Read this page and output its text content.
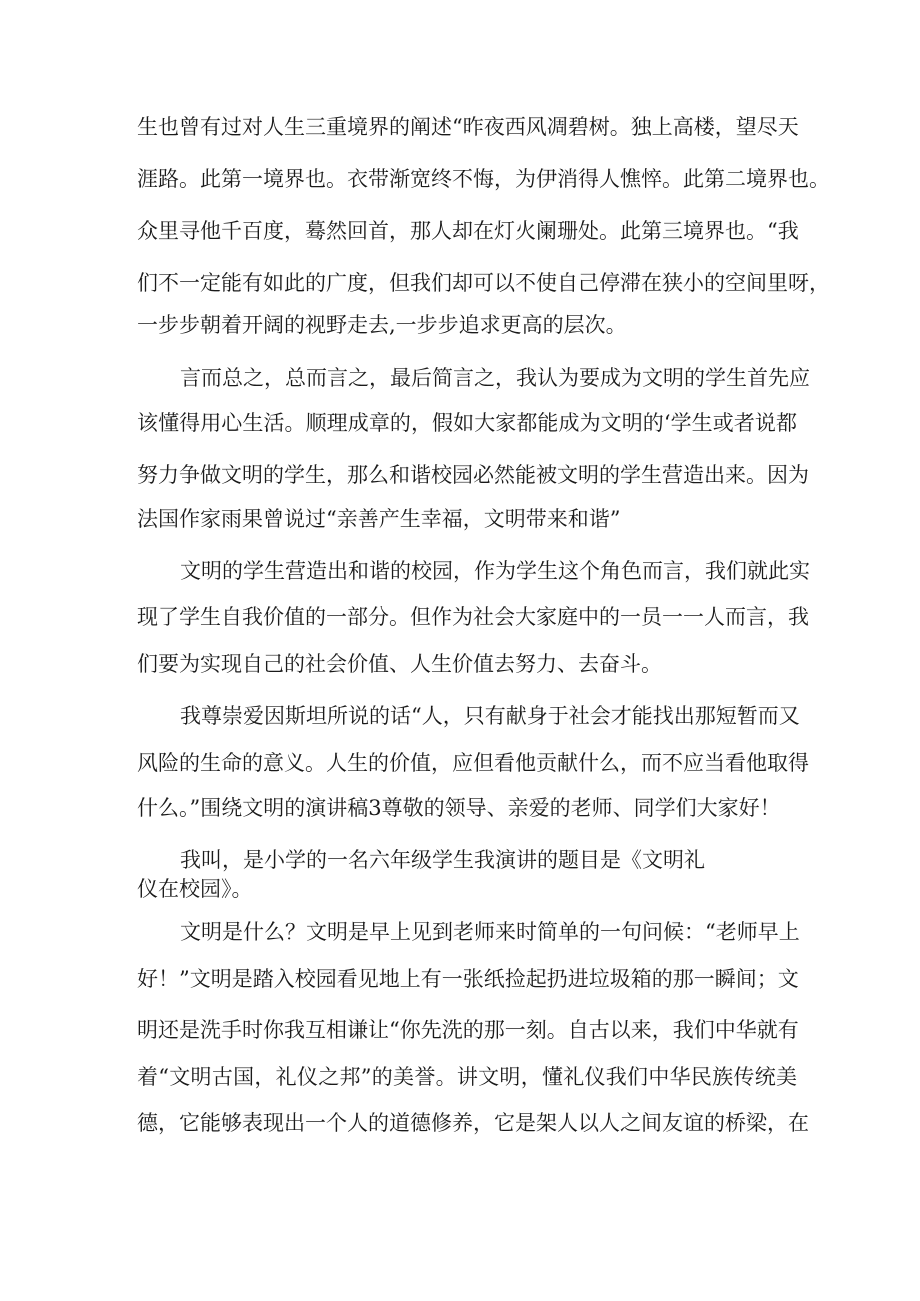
生也曾有过对人生三重境界的阐述“昨夜西风凋碧树。独上高楼，望尽天
涯路。此第一境界也。衣带渐宽终不悔，为伊消得人憔悴。此第二境界也。
众里寻他千百度，蓦然回首，那人却在灯火阑珊处。此第三境界也。“我
们不一定能有如此的广度，但我们却可以不使自己停滞在狭小的空间里呀，
一步步朝着开阔的视野走去,一步步追求更高的层次。
言而总之，总而言之，最后简言之，我认为要成为文明的学生首先应
该懂得用心生活。顺理成章的，假如大家都能成为文明的‘学生或者说都
努力争做文明的学生，那么和谐校园必然能被文明的学生营造出来。因为
法国作家雨果曾说过“亲善产生幸福，文明带来和谐”
文明的学生营造出和谐的校园，作为学生这个角色而言，我们就此实
现了学生自我价值的一部分。但作为社会大家庭中的一员一一人而言，我
们要为实现自己的社会价值、人生价值去努力、去奋斗。
我尊崇爱因斯坦所说的话“人，只有献身于社会才能找出那短暂而又
风险的生命的意义。人生的价值，应但看他贡献什么，而不应当看他取得
什么。”围绕文明的演讲稿3尊敬的领导、亲爱的老师、同学们大家好！
我叫，是小学的一名六年级学生我演讲的题目是《文明礼
仪在校园》。
文明是什么？文明是早上见到老师来时简单的一句问候：“老师早上
好！”文明是踏入校园看见地上有一张纸捡起扔进垃圾箱的那一瞬间；文
明还是洗手时你我互相谦让“你先洗的那一刻。自古以来，我们中华就有
着“文明古国，礼仪之邦”的美誉。讲文明，懂礼仪我们中华民族传统美
德，它能够表现出一个人的道德修养，它是架人以人之间友谊的桥梁，在
